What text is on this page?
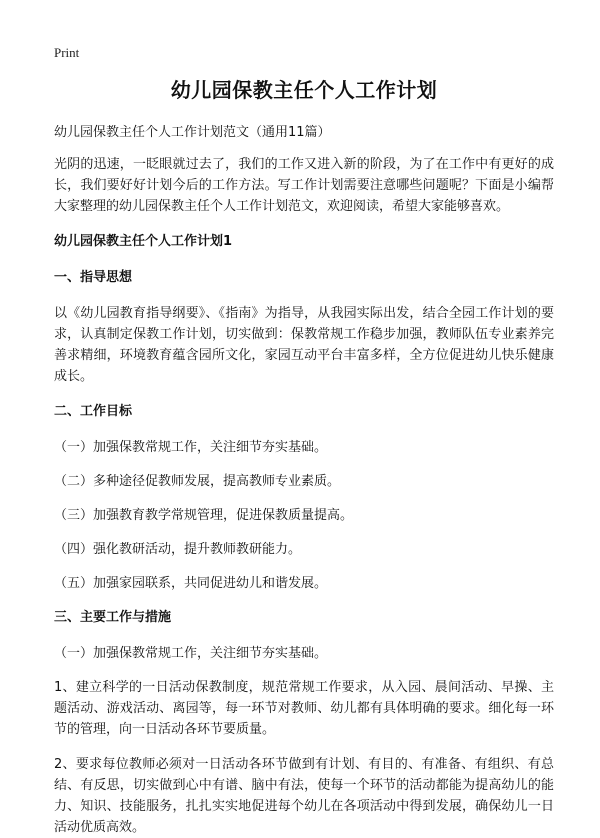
Print
幼儿园保教主任个人工作计划
幼儿园保教主任个人工作计划范文（通用11篇）
光阴的迅速，一眨眼就过去了，我们的工作又进入新的阶段，为了在工作中有更好的成长，我们要好好计划今后的工作方法。写工作计划需要注意哪些问题呢？下面是小编帮大家整理的幼儿园保教主任个人工作计划范文，欢迎阅读，希望大家能够喜欢。
幼儿园保教主任个人工作计划1
一、指导思想
以《幼儿园教育指导纲要》、《指南》为指导，从我园实际出发，结合全园工作计划的要求，认真制定保教工作计划，切实做到：保教常规工作稳步加强，教师队伍专业素养完善求精细，环境教育蕴含园所文化，家园互动平台丰富多样，全方位促进幼儿快乐健康成长。
二、工作目标
（一）加强保教常规工作，关注细节夯实基础。
（二）多种途径促教师发展，提高教师专业素质。
（三）加强教育教学常规管理，促进保教质量提高。
（四）强化教研活动，提升教师教研能力。
（五）加强家园联系，共同促进幼儿和谐发展。
三、主要工作与措施
（一）加强保教常规工作，关注细节夯实基础。
1、建立科学的一日活动保教制度，规范常规工作要求，从入园、晨间活动、早操、主题活动、游戏活动、离园等，每一环节对教师、幼儿都有具体明确的要求。细化每一环节的管理，向一日活动各环节要质量。
2、要求每位教师必须对一日活动各环节做到有计划、有目的、有准备、有组织、有总结、有反思，切实做到心中有谱、脑中有法，使每一个环节的活动都能为提高幼儿的能力、知识、技能服务，扎扎实实地促进每个幼儿在各项活动中得到发展，确保幼儿一日活动优质高效。
